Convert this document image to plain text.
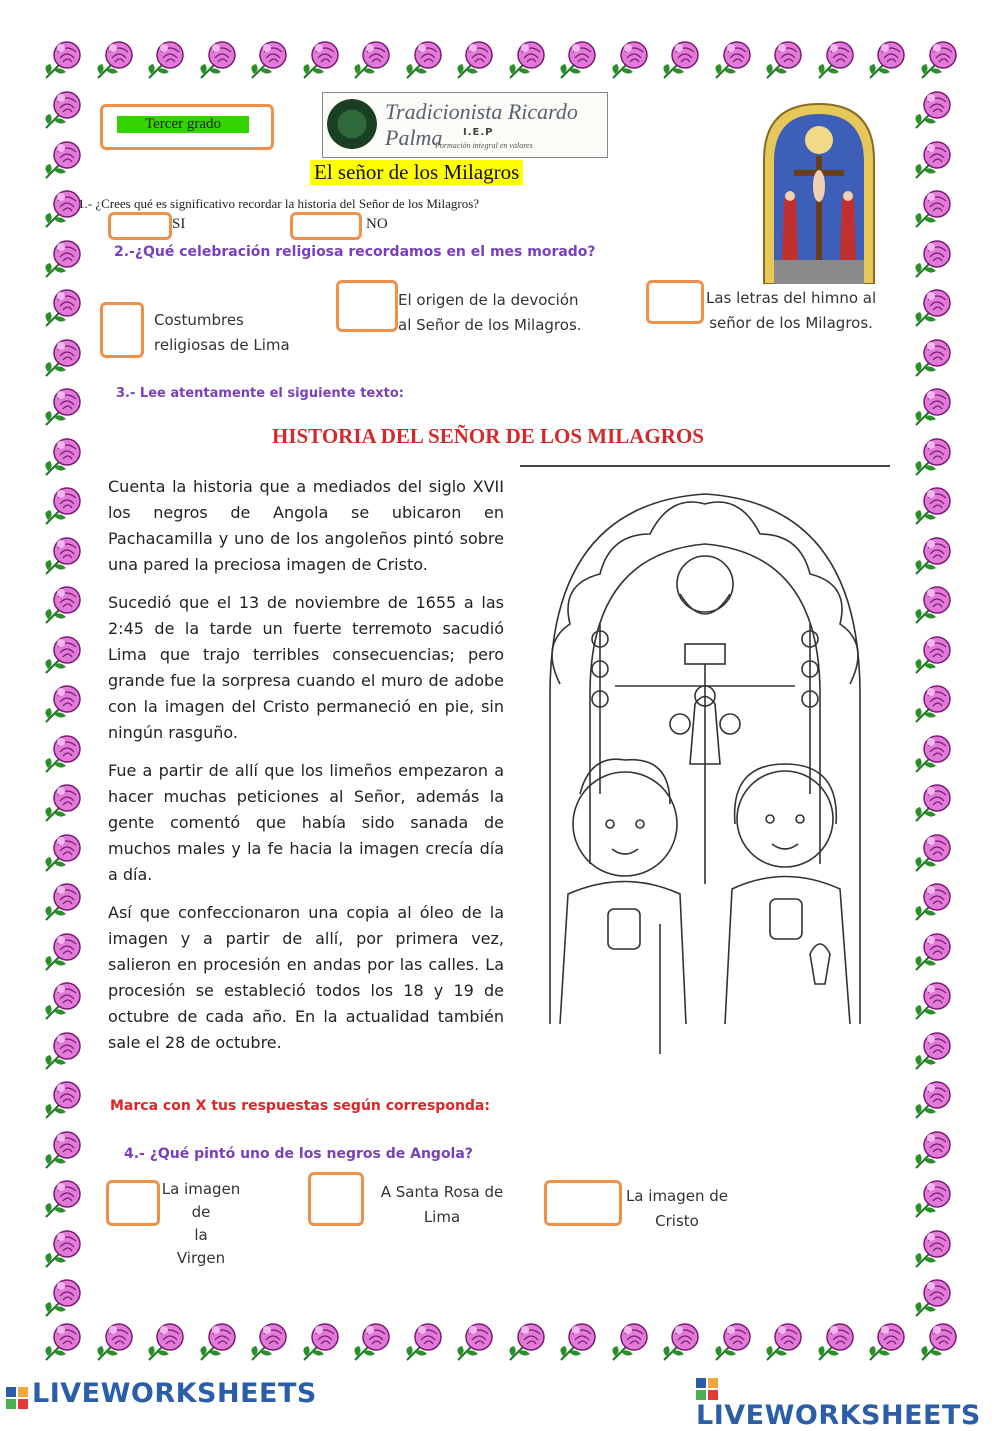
Tercer grado	Tradicionista Ricardo Palma	I.E.P
Formación integral en valores
El señor de los Milagros
1.- ¿Crees qué es significativo recordar la historia del Señor de los Milagros?
SI	NO
2.-¿Qué celebración religiosa recordamos en el mes morado?
Costumbres
religiosas de Lima
El origen de la devoción
al Señor de los Milagros.
Las letras del himno al
señor de los Milagros.
3.- Lee atentamente el siguiente texto:
HISTORIA DEL SEÑOR DE LOS MILAGROS

Cuenta la historia que a mediados del siglo XVII los negros de Angola se ubicaron en Pachacamilla y uno de los angoleños pintó sobre una pared la preciosa imagen de Cristo.

Sucedió que el 13 de noviembre de 1655 a las 2:45 de la tarde un fuerte terremoto sacudió Lima que trajo terribles consecuencias; pero grande fue la sorpresa cuando el muro de adobe con la imagen del Cristo permaneció en pie, sin ningún rasguño.

Fue a partir de allí que los limeños empezaron a hacer muchas peticiones al Señor, además la gente comentó que había sido sanada de muchos males y la fe hacia la imagen crecía día a día.

Así que confeccionaron una copia al óleo de la imagen y a partir de allí, por primera vez, salieron en procesión en andas por las calles. La procesión se estableció todos los 18 y 19 de octubre de cada año. En la actualidad también sale el 28 de octubre.

Marca con X tus respuestas según corresponda:
4.- ¿Qué pintó uno de los negros de Angola?
La imagen de
la
Virgen
A Santa Rosa de
Lima
La imagen de
Cristo
LIVEWORKSHEETS
LIVEWORKSHEETS
